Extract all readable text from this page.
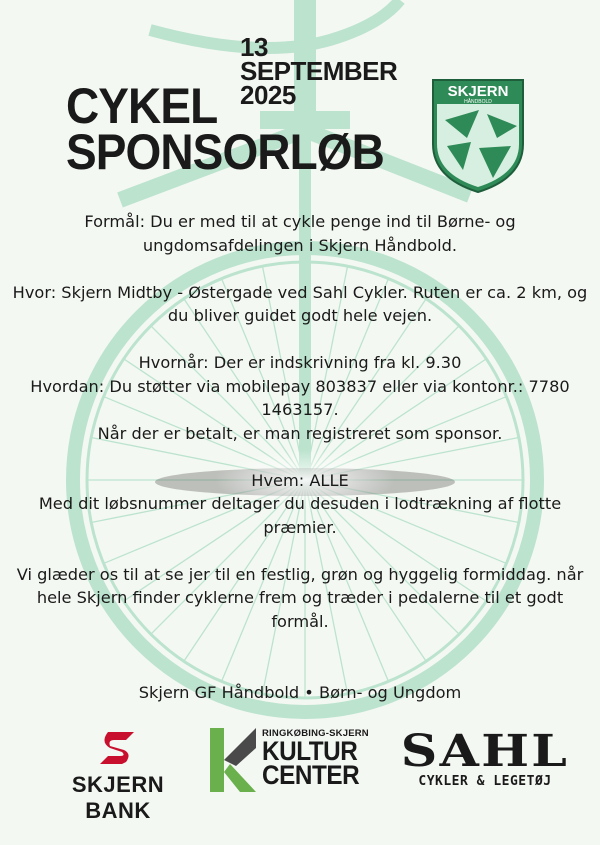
CYKEL
SPONSORLØB
13
SEPTEMBER
2025	SKJERN
HÅNDBOLD

Formål: Du er med til at cykle penge ind til Børne- og ungdomsafdelingen i Skjern Håndbold.

Hvor: Skjern Midtby - Østergade ved Sahl Cykler. Ruten er ca. 2 km, og du bliver guidet godt hele vejen.

Hvornår: Der er indskrivning fra kl. 9.30

Hvordan: Du støtter via mobilepay 803837 eller via kontonr.: 7780 1463157.

Når der er betalt, er man registreret som sponsor.

Hvem: ALLE

Med dit løbsnummer deltager du desuden i lodtrækning af flotte præmier.

Vi glæder os til at se jer til en festlig, grøn og hyggelig formiddag. når hele Skjern finder cyklerne frem og træder i pedalerne til et godt formål.

Skjern GF Håndbold • Børn- og Ungdom
SKJERN BANK
RINGKØBING-SKJERN
KULTUR
CENTER SAHL
CYKLER & LEGETØJ
